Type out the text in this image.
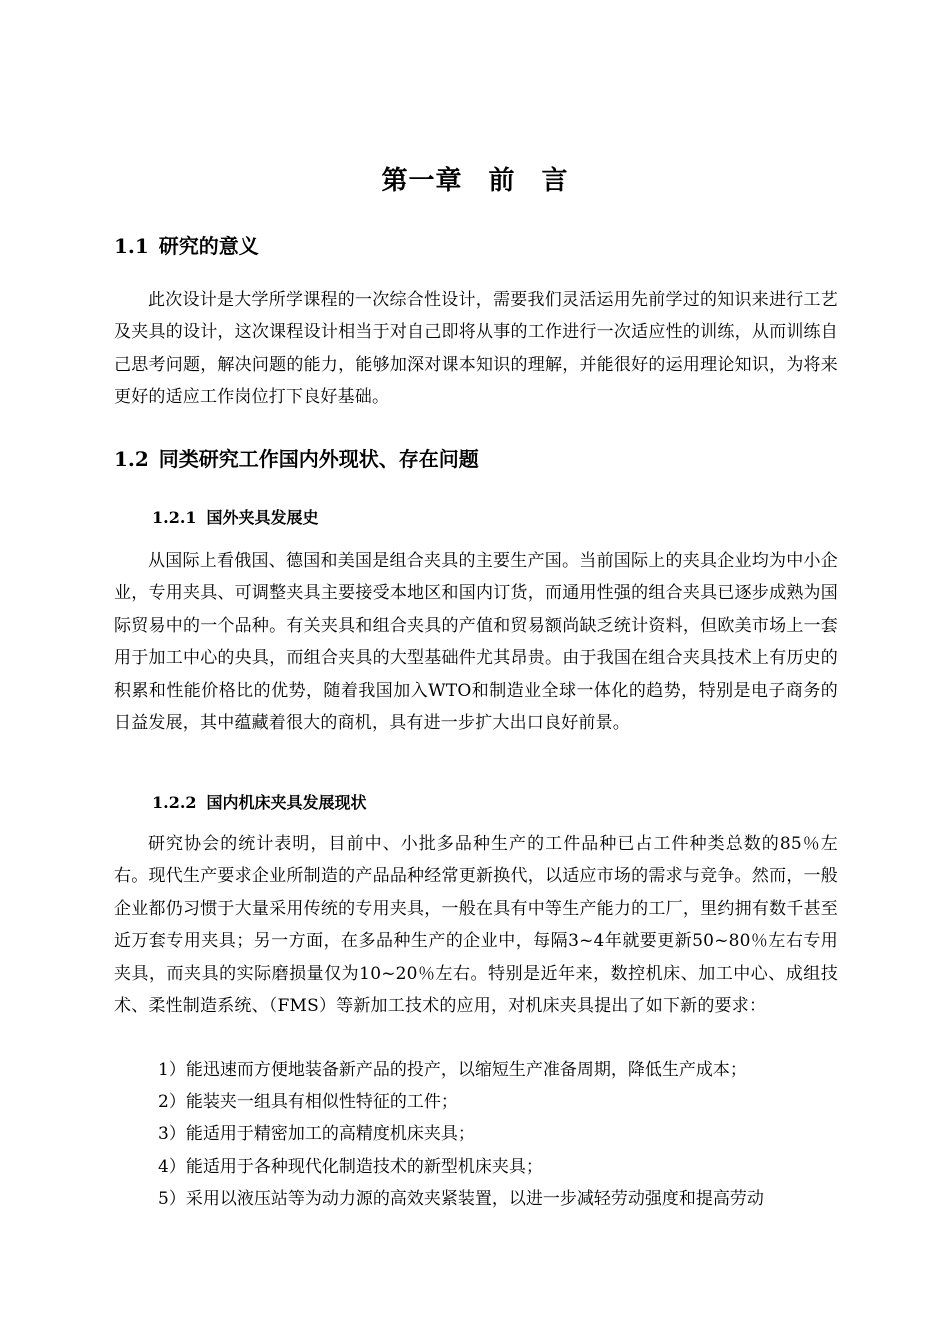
第一章 前 言
1.1 研究的意义

此次设计是大学所学课程的一次综合性设计，需要我们灵活运用先前学过的知识来进行工艺及夹具的设计，这次课程设计相当于对自己即将从事的工作进行一次适应性的训练，从而训练自己思考问题，解决问题的能力，能够加深对课本知识的理解，并能很好的运用理论知识，为将来更好的适应工作岗位打下良好基础。

1.2 同类研究工作国内外现状、存在问题
1.2.1 国外夹具发展史

从国际上看俄国、德国和美国是组合夹具的主要生产国。当前国际上的夹具企业均为中小企业，专用夹具、可调整夹具主要接受本地区和国内订货，而通用性强的组合夹具已逐步成熟为国际贸易中的一个品种。有关夹具和组合夹具的产值和贸易额尚缺乏统计资料，但欧美市场上一套用于加工中心的央具，而组合夹具的大型基础件尤其昂贵。由于我国在组合夹具技术上有历史的积累和性能价格比的优势，随着我国加入WTO和制造业全球一体化的趋势，特别是电子商务的日益发展，其中蕴藏着很大的商机，具有进一步扩大出口良好前景。

1.2.2 国内机床夹具发展现状

研究协会的统计表明，目前中、小批多品种生产的工件品种已占工件种类总数的85％左右。现代生产要求企业所制造的产品品种经常更新换代，以适应市场的需求与竞争。然而，一般企业都仍习惯于大量采用传统的专用夹具，一般在具有中等生产能力的工厂，里约拥有数千甚至近万套专用夹具；另一方面，在多品种生产的企业中，每隔3~4年就要更新50~80％左右专用夹具，而夹具的实际磨损量仅为10~20％左右。特别是近年来，数控机床、加工中心、成组技术、柔性制造系统、（FMS）等新加工技术的应用，对机床夹具提出了如下新的要求：

1）能迅速而方便地装备新产品的投产，以缩短生产准备周期，降低生产成本；
2）能装夹一组具有相似性特征的工件；
3）能适用于精密加工的高精度机床夹具；
4）能适用于各种现代化制造技术的新型机床夹具；
5）采用以液压站等为动力源的高效夹紧装置，以进一步减轻劳动强度和提高劳动
